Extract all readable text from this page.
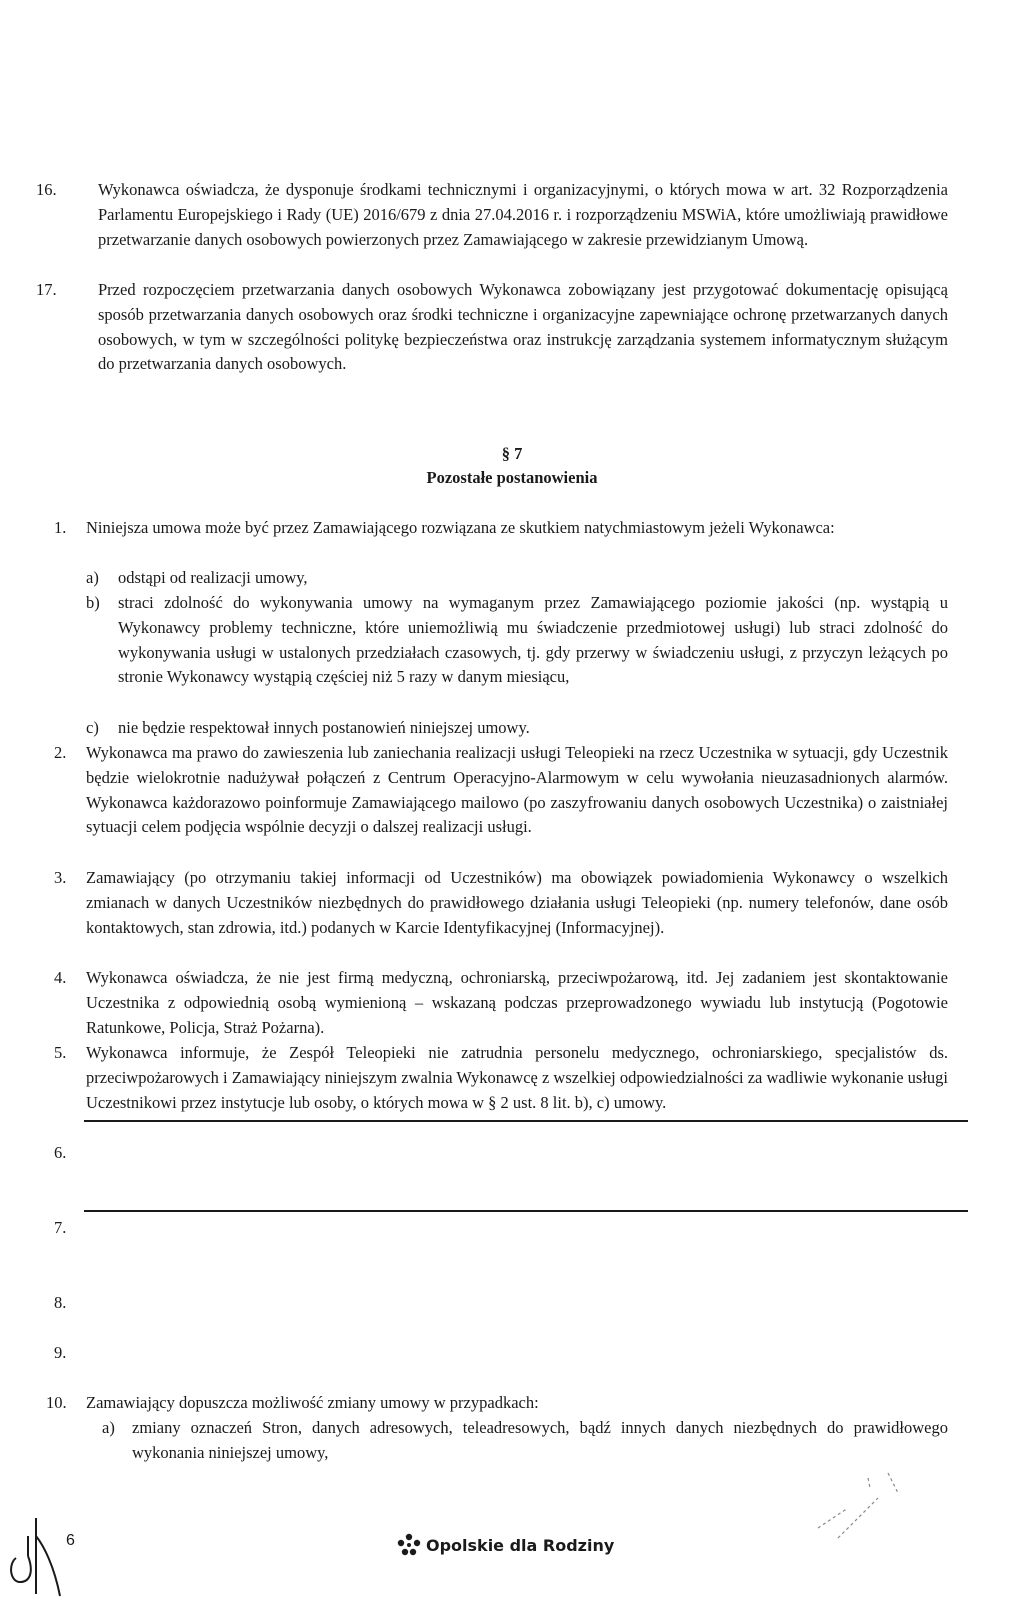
16.	Wykonawca oświadcza, że dysponuje środkami technicznymi i organizacyjnymi, o których mowa w art. 32 Rozporządzenia Parlamentu Europejskiego i Rady (UE) 2016/679 z dnia 27.04.2016 r. i rozporządzeniu MSWiA, które umożliwiają prawidłowe przetwarzanie danych osobowych powierzonych przez Zamawiającego w zakresie przewidzianym Umową.
17.	Przed rozpoczęciem przetwarzania danych osobowych Wykonawca zobowiązany jest przygotować dokumentację opisującą sposób przetwarzania danych osobowych oraz środki techniczne i organizacyjne zapewniające ochronę przetwarzanych danych osobowych, w tym w szczególności politykę bezpieczeństwa oraz instrukcję zarządzania systemem informatycznym służącym do przetwarzania danych osobowych.
§ 7
Pozostałe postanowienia
1. Niniejsza umowa może być przez Zamawiającego rozwiązana ze skutkiem natychmiastowym jeżeli Wykonawca:
a) odstąpi od realizacji umowy,
b) straci zdolność do wykonywania umowy na wymaganym przez Zamawiającego poziomie jakości (np. wystąpią u Wykonawcy problemy techniczne, które uniemożliwią mu świadczenie przedmiotowej usługi) lub straci zdolność do wykonywania usługi w ustalonych przedziałach czasowych, tj. gdy przerwy w świadczeniu usługi, z przyczyn leżących po stronie Wykonawcy wystąpią częściej niż 5 razy w danym miesiącu,
c) nie będzie respektował innych postanowień niniejszej umowy.
2. Wykonawca ma prawo do zawieszenia lub zaniechania realizacji usługi Teleopieki na rzecz Uczestnika w sytuacji, gdy Uczestnik będzie wielokrotnie nadużywał połączeń z Centrum Operacyjno-Alarmowym w celu wywołania nieuzasadnionych alarmów. Wykonawca każdorazowo poinformuje Zamawiającego mailowo (po zaszyfrowaniu danych osobowych Uczestnika) o zaistniałej sytuacji celem podjęcia wspólnie decyzji o dalszej realizacji usługi.
3. Zamawiający (po otrzymaniu takiej informacji od Uczestników) ma obowiązek powiadomienia Wykonawcy o wszelkich zmianach w danych Uczestników niezbędnych do prawidłowego działania usługi Teleopieki (np. numery telefonów, dane osób kontaktowych, stan zdrowia, itd.) podanych w Karcie Identyfikacyjnej (Informacyjnej).
4. Wykonawca oświadcza, że nie jest firmą medyczną, ochroniarską, przeciwpożarową, itd. Jej zadaniem jest skontaktowanie Uczestnika z odpowiednią osobą wymienioną – wskazaną podczas przeprowadzonego wywiadu lub instytucją (Pogotowie Ratunkowe, Policja, Straż Pożarna).
5. Wykonawca informuje, że Zespół Teleopieki nie zatrudnia personelu medycznego, ochroniarskiego, specjalistów ds. przeciwpożarowych i Zamawiający niniejszym zwalnia Wykonawcę z wszelkiej odpowiedzialności za wadliwie wykonanie usługi Uczestnikowi przez instytucje lub osoby, o których mowa w § 2 ust. 8 lit. b), c) umowy.
6.
7.
8.
9.
10. Zamawiający dopuszcza możliwość zmiany umowy w przypadkach:
a) zmiany oznaczeń Stron, danych adresowych, teleadresowych, bądź innych danych niezbędnych do prawidłowego wykonania niniejszej umowy,
6	Opolskie dla Rodziny
